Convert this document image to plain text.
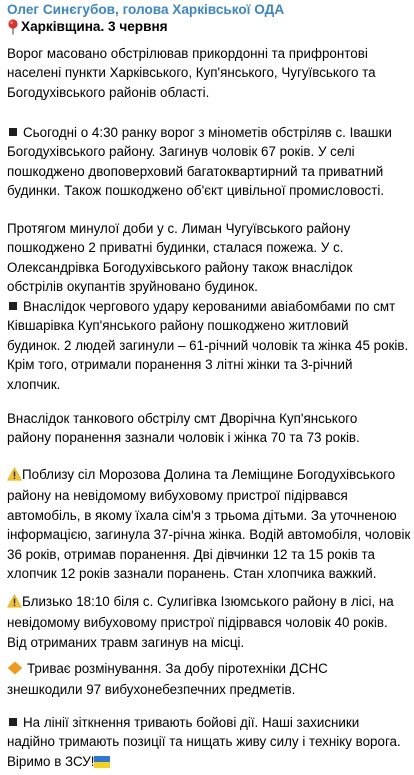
Олег Синєгубов, голова Харківської ОДА
Харківщина. 3 червня
Ворог масовано обстрілював прикордонні та прифронтові
населені пункти Харківського, Куп'янського, Чугуївського та
Богодухівського районів області.
Сьогодні о 4:30 ранку ворог з мінометів обстріляв с. Івашки
Богодухівського району. Загинув чоловік 67 років. У селі
пошкоджено двоповерховий багатоквартирний та приватний
будинки. Також пошкоджено об'єкт цивільної промисловості.
Протягом минулої доби у с. Лиман Чугуївського району
пошкоджено 2 приватні будинки, сталася пожежа. У с.
Олександрівка Богодухівського району також внаслідок
обстрілів окупантів зруйновано будинок.
Внаслідок чергового удару керованими авіабомбами по смт
Ківшарівка Куп'янського району пошкоджено житловий
будинок. 2 людей загинули – 61-річний чоловік та жінка 45 років.
Крім того, отримали поранення 3 літні жінки та 3-річний
хлопчик.
Внаслідок танкового обстрілу смт Дворічна Куп'янського
району поранення зазнали чоловік і жінка 70 та 73 років.
Поблизу сіл Морозова Долина та Леміщине Богодухівського
району на невідомому вибуховому пристрої підірвався
автомобіль, в якому їхала сім'я з трьома дітьми. За уточненою
інформацією, загинула 37-річна жінка. Водій автомобіля, чоловік
36 років, отримав поранення. Дві дівчинки 12 та 15 років та
хлопчик 12 років зазнали поранень. Стан хлопчика важкий.
Близько 18:10 біля с. Сулигівка Ізюмського району в лісі, на
невідомому вибуховому пристрої підірвався чоловік 40 років.
Від отриманих травм загинув на місці.
Триває розмінування. За добу піротехніки ДСНС
знешкодили 97 вибухонебезпечних предметів.
На лінії зіткнення тривають бойові дії. Наші захисники
надійно тримають позиції та нищать живу силу і техніку ворога.
Віримо в ЗСУ!
